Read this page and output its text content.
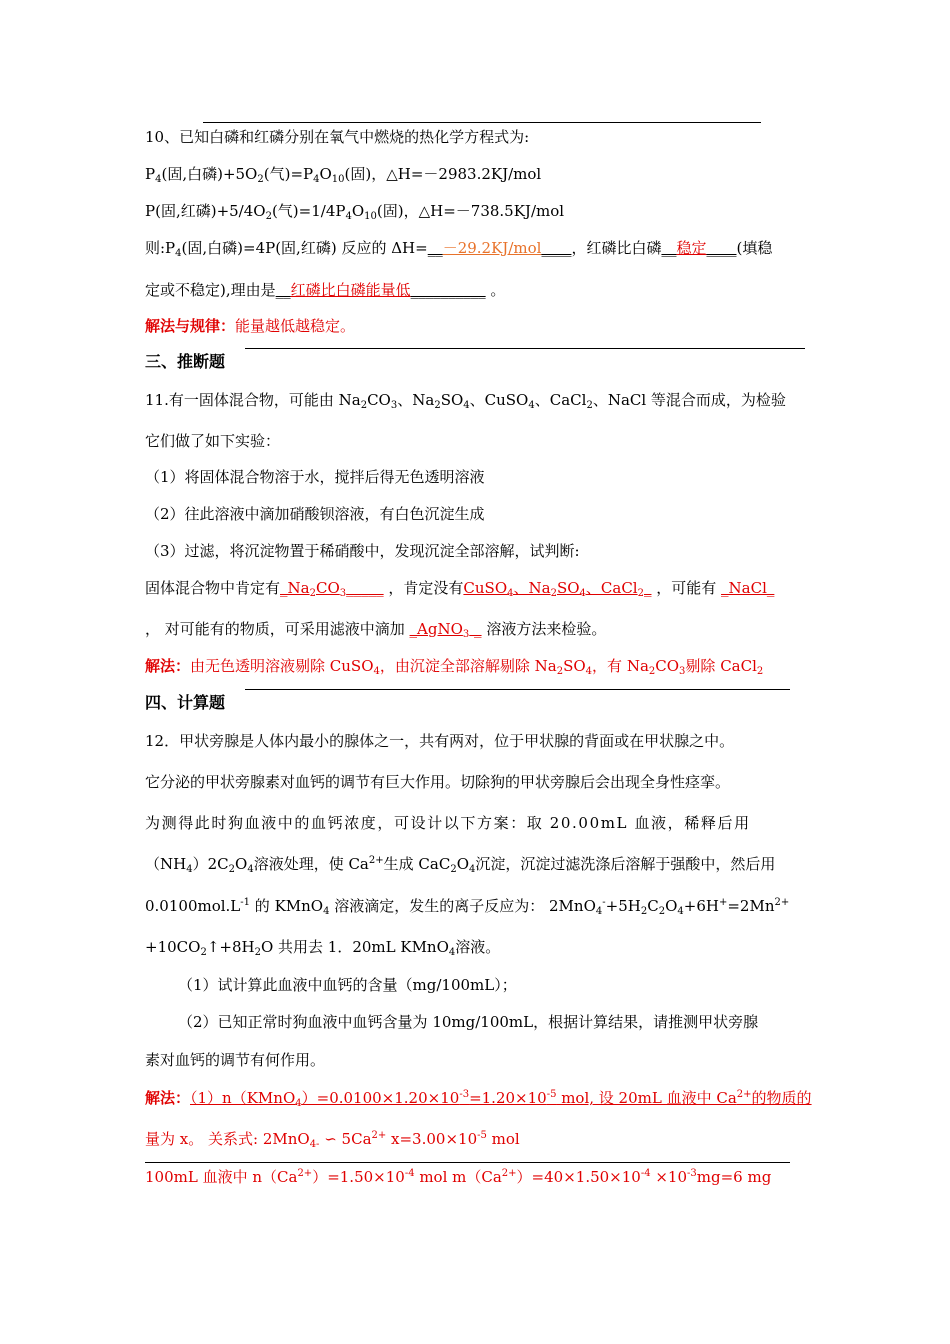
10、已知白磷和红磷分别在氧气中燃烧的热化学方程式为:
$P_4$(固,白磷)$+5O_2$(气)$=P_4O_{10}$(固)，△H=－2983.2KJ/mol
P(固,红磷)$+5/4O_2$(气)$=1/4P_4O_{10}$(固)，△H=－738.5KJ/mol
则$:P_4$(固,白磷)=4P(固,红磷) 反应的 ΔH=__－29.2KJ/mol____，红磷比白磷__稳定____(填稳
定或不稳定),理由是__红磷比白磷能量低__________ 。
解法与规律：能量越低越稳定。
三、推断题
11.有一固体混合物，可能由 $Na_2CO_3$、$Na_2SO_4$、CuSO$_4$、CaCl$_2$、NaCl 等混合而成，为检验
它们做了如下实验：
（1）将固体混合物溶于水，搅拌后得无色透明溶液
（2）往此溶液中滴加硝酸钡溶液，有白色沉淀生成
（3）过滤，将沉淀物置于稀硝酸中，发现沉淀全部溶解，试判断:
固体混合物中肯定有$\_Na_2CO_3\_\_\_\_\_$ ，肯定没有CuSO$_4$、$Na_2SO_4$、CaCl$_2$_ ，可能有 _NaCl_
， 对可能有的物质，可采用滤液中滴加 _AgNO$_3$ _ 溶液方法来检验。
解法：由无色透明溶液剔除 CuSO$_4$，由沉淀全部溶解剔除 $Na_2SO_4$，有 $Na_2CO_3$剔除 CaCl$_2$
四、计算题
12．甲状旁腺是人体内最小的腺体之一，共有两对，位于甲状腺的背面或在甲状腺之中。
它分泌的甲状旁腺素对血钙的调节有巨大作用。切除狗的甲状旁腺后会出现全身性痉挛。
为测得此时狗血液中的血钙浓度，可设计以下方案：取 20.00mL 血液，稀释后用
$(NH_4)2C_2O_4$溶液处理，使 $Ca^{2+}$生成 $CaC_2O_4$沉淀，沉淀过滤洗涤后溶解于强酸中，然后用
$0.0100mol.L^{-1}$ 的 KMnO$_4$ 溶液滴定，发生的离子反应为： $2MnO_4^-+5H_2C_2O_4+6H^+=2Mn^{2+}$
$+10CO_2↑+8H_2O$ 共用去 1．20mL KMnO$_4$溶液。
（1）试计算此血液中血钙的含量（mg/100mL）；
（2）已知正常时狗血液中血钙含量为 10mg/100mL，根据计算结果，请推测甲状旁腺
素对血钙的调节有何作用。
解法：$(1)n(KMnO_4)=0.0100\times 1.20\times 10^{-3}=1.20\times 10^{-5}$ mol, 设 20mL 血液中 $Ca^{2+}$的物质的
量为 x。 关系式: 2MnO$_{4-}$ ∽ $5Ca^{2+}$ $x=3.00\times 10^{-5}$ mol
100mL 血液中 $n(Ca^{2+})=1.50\times 10^{-4}$ mol $m(Ca^{2+})=40\times 1.50\times 10^{-4} \times 10^{-3}mg=6$ mg
